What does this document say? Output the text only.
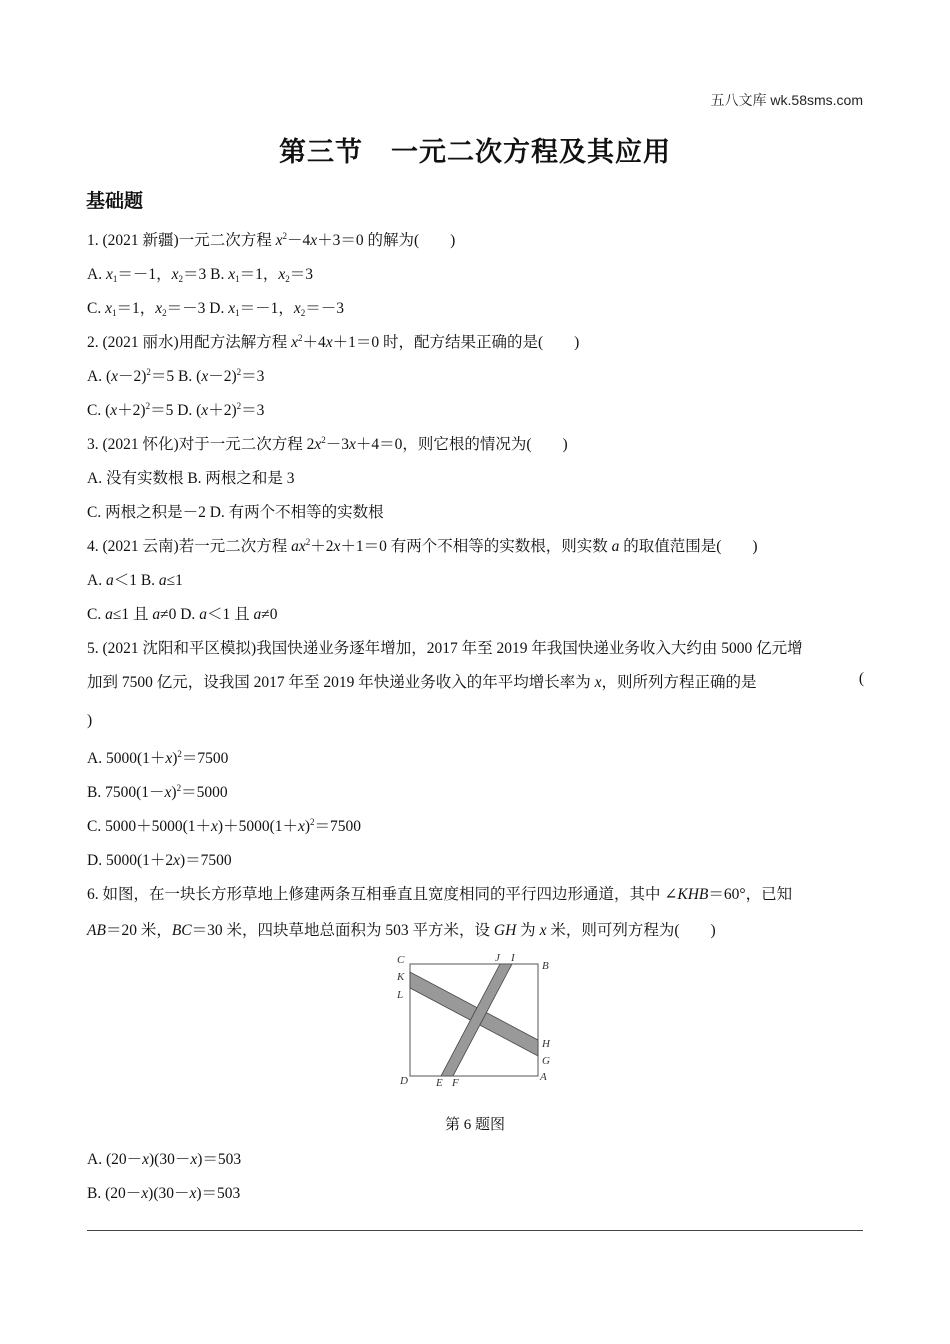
五八文库 wk.58sms.com
第三节　一元二次方程及其应用
基础题
1. (2021 新疆)一元二次方程 $x^2-4x+3=0$ 的解为(　　)
A. $x_1=-1$，$x_2=3$ B. $x_1=1$，$x_2=3$
C. $x_1=1$，$x_2=-3$ D. $x_1=-1$，$x_2=-3$
2. (2021 丽水)用配方法解方程 $x^2+4x+1=0$ 时，配方结果正确的是(　　)
A. $(x-2)^2=5$ B. $(x-2)^2=3$
C. $(x+2)^2=5$ D. $(x+2)^2=3$
3. (2021 怀化)对于一元二次方程 $2x^2-3x+4=0$，则它根的情况为(　　)
A. 没有实数根 B. 两根之和是 3
C. 两根之积是－2 D. 有两个不相等的实数根
4. (2021 云南)若一元二次方程 $ax^2+2x+1=0$ 有两个不相等的实数根，则实数 a 的取值范围是(　　)
A. a＜1 B. a≤1
C. a≤1 且 a≠0 D. a＜1 且 a≠0
5. (2021 沈阳和平区模拟)我国快递业务逐年增加，2017 年至 2019 年我国快递业务收入大约由 5000 亿元增
加到 7500 亿元，设我国 2017 年至 2019 年快递业务收入的年平均增长率为 x，则所列方程正确的是	(
)
A. $5000(1+x)^2=7500$
B. $7500(1-x)^2=5000$
C. $5000+5000(1+x)+5000(1+x)^2=7500$
D. 5000(1＋2x)＝7500
6. 如图，在一块长方形草地上修建两条互相垂直且宽度相同的平行四边形通道，其中 ∠KHB＝60°，已知
AB＝20 米，BC＝30 米，四块草地总面积为 503 平方米，设 GH 为 x 米，则可列方程为(　　)
C
K
L
J I
B
H
G
A
D	E F
第 6 题图
A. (20－x)(30－x)＝503
B. (20－x)(30－x)＝503
